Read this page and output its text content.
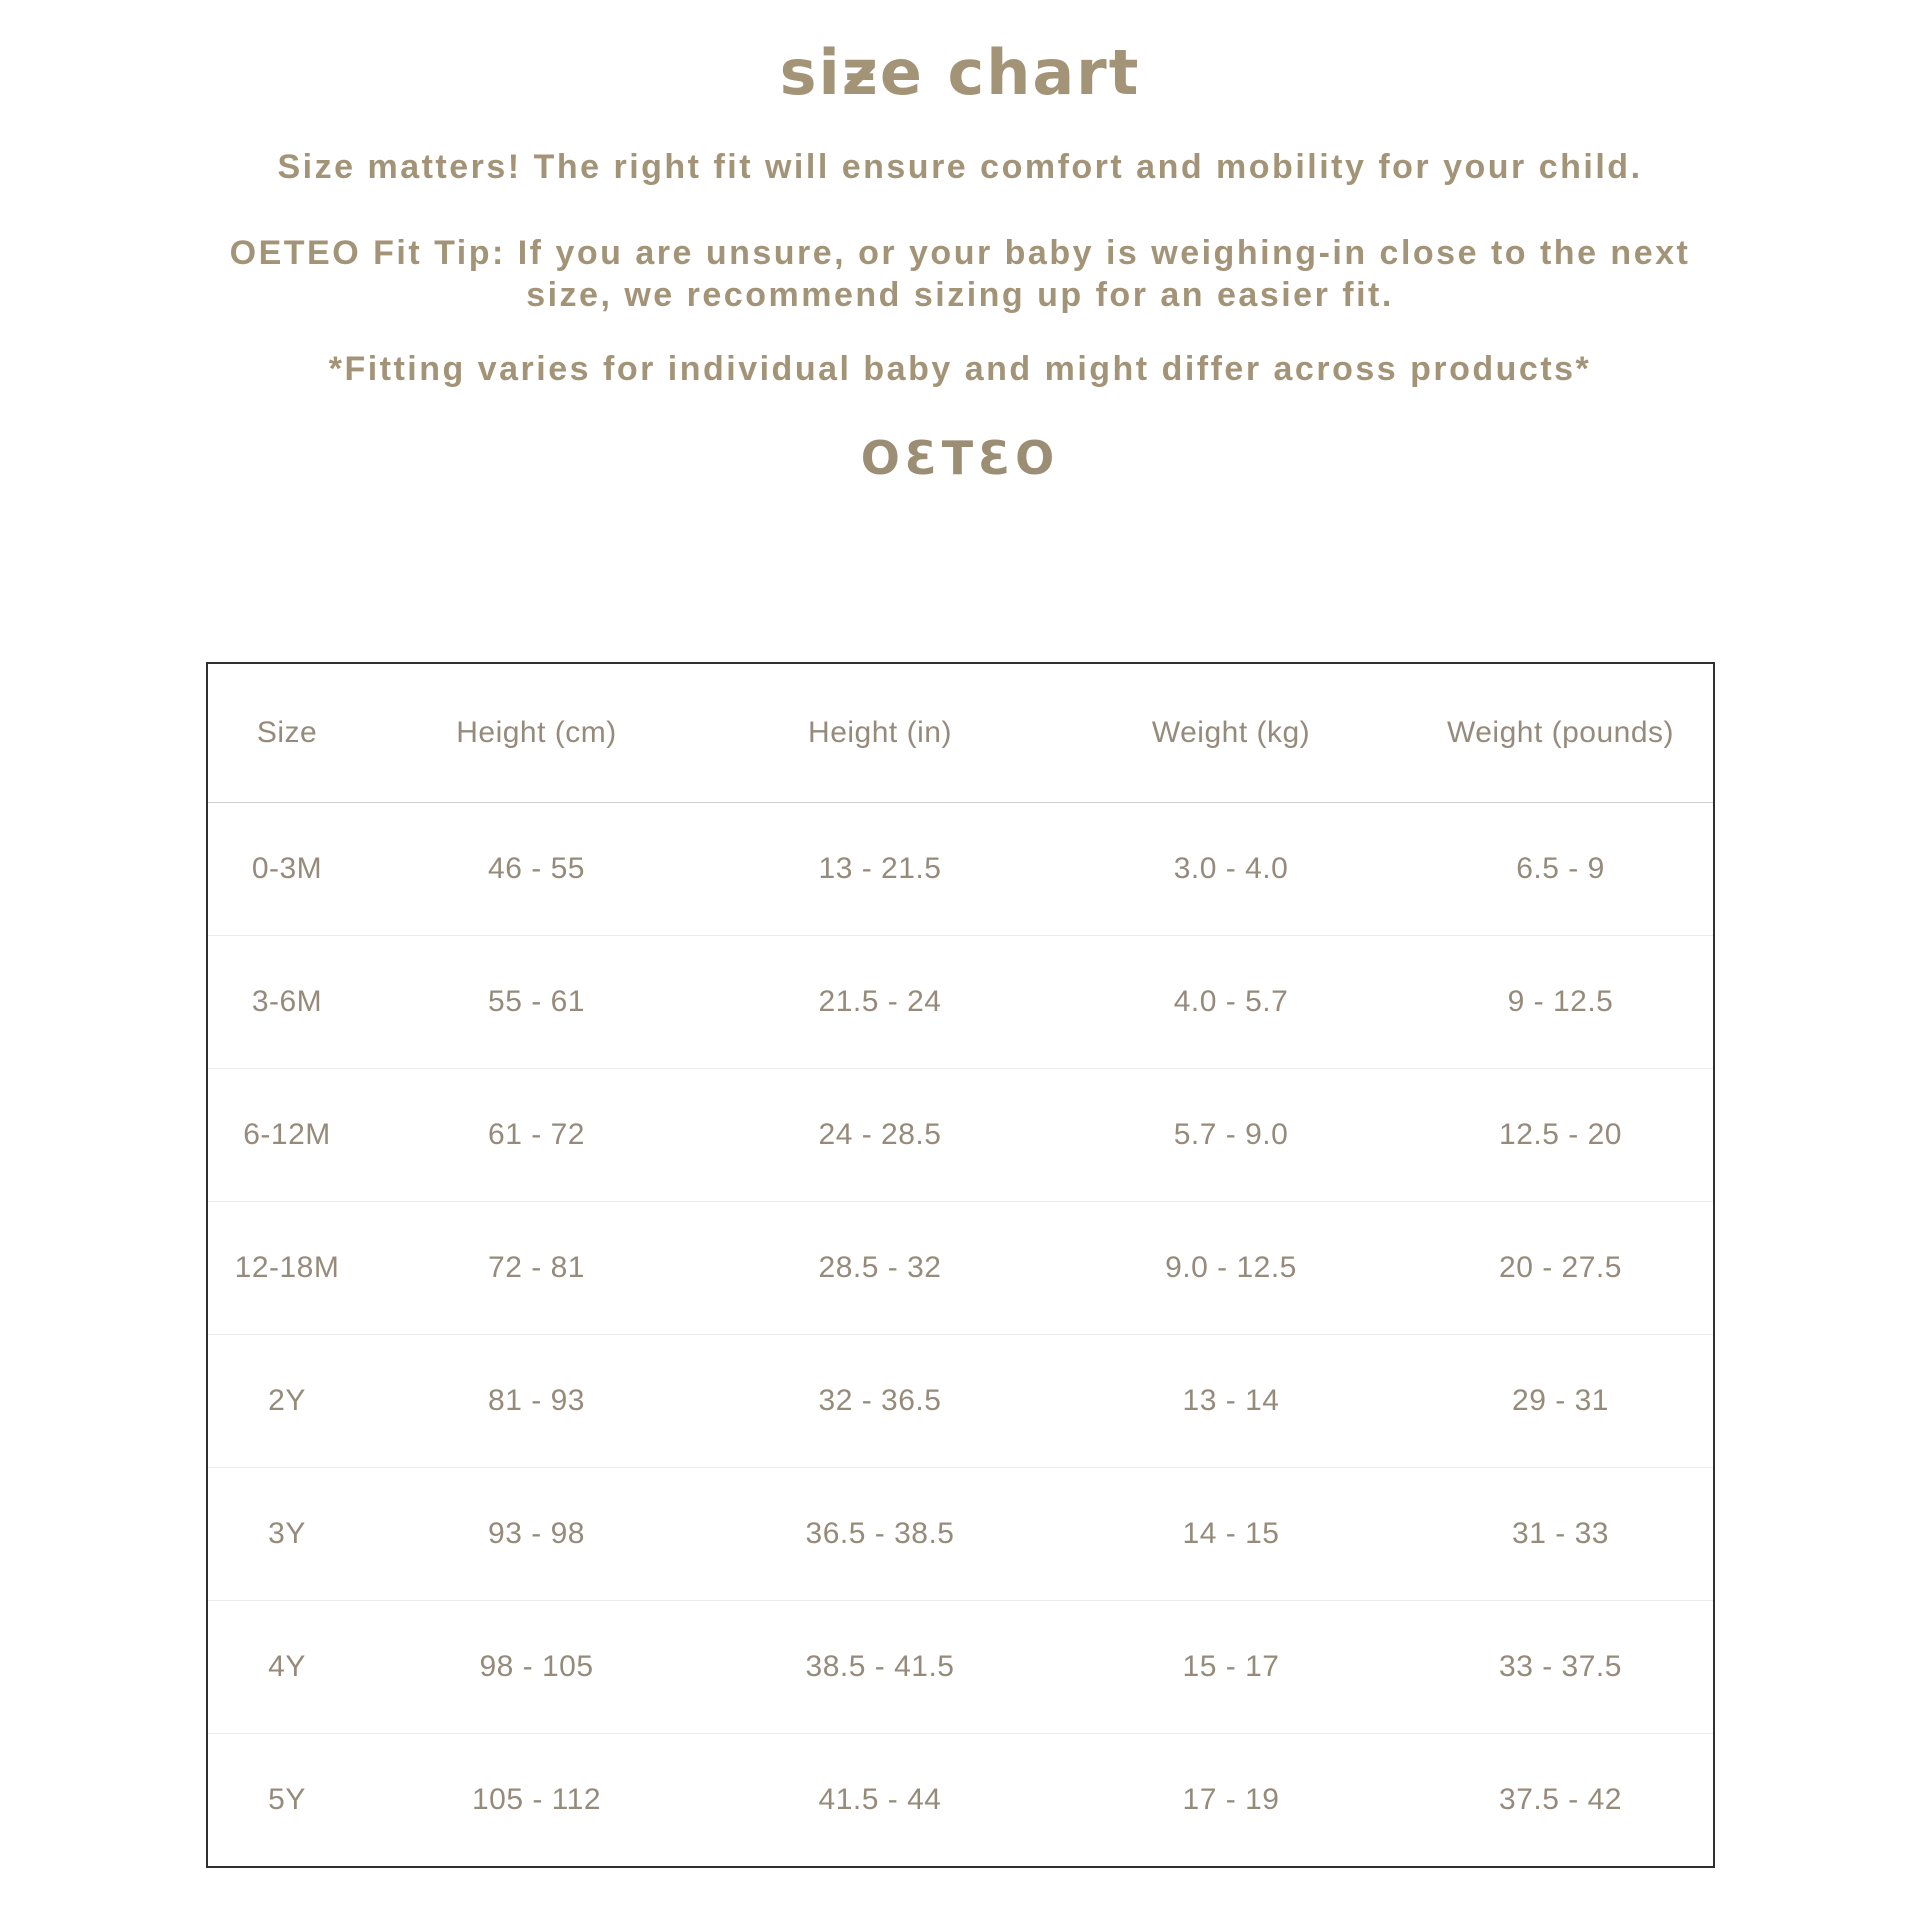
siƶe chart

Size matters! The right fit will ensure comfort and mobility for your child.

OETEO Fit Tip: If you are unsure, or your baby is weighing-in close to the next
size, we recommend sizing up for an easier fit.

*Fitting varies for individual baby and might differ across products*

OƐTƐO
Size	Height (cm)	Height (in)	Weight (kg)	Weight (pounds)
0-3M	46 - 55	13 - 21.5	3.0 - 4.0	6.5 - 9
3-6M	55 - 61	21.5 - 24	4.0 - 5.7	9 - 12.5
6-12M	61 - 72	24 - 28.5	5.7 - 9.0	12.5 - 20
12-18M	72 - 81	28.5 - 32	9.0 - 12.5	20 - 27.5
2Y	81 - 93	32 - 36.5	13 - 14	29 - 31
3Y	93 - 98	36.5 - 38.5	14 - 15	31 - 33
4Y	98 - 105	38.5 - 41.5	15 - 17	33 - 37.5
5Y	105 - 112	41.5 - 44	17 - 19	37.5 - 42
